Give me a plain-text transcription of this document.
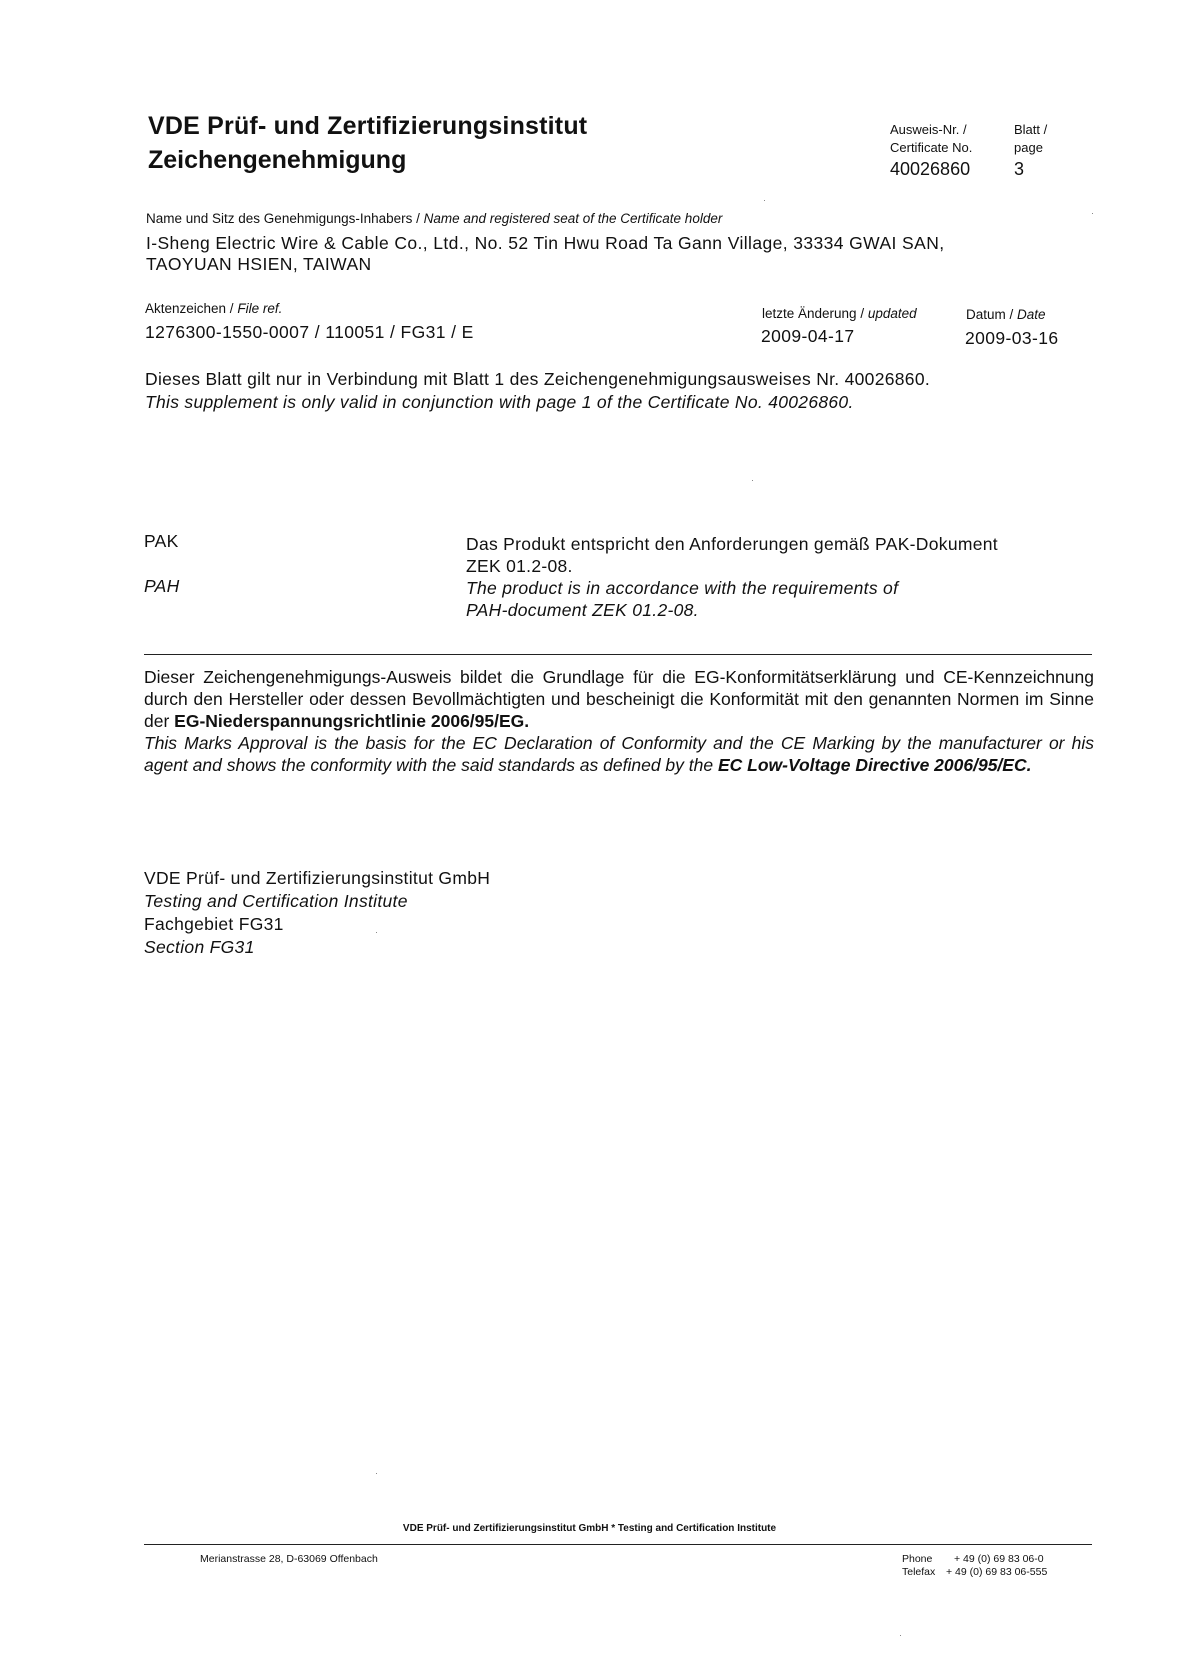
VDE Prüf- und Zertifizierungsinstitut
Zeichengenehmigung
Ausweis-Nr. /
Certificate No.
40026860
Blatt /
page
3
Name und Sitz des Genehmigungs-Inhabers / Name and registered seat of the Certificate holder
I-Sheng Electric Wire & Cable Co., Ltd., No. 52 Tin Hwu Road Ta Gann Village, 33334 GWAI SAN,
TAOYUAN HSIEN, TAIWAN
Aktenzeichen / File ref.
1276300-1550-0007 / 110051 / FG31 / E
letzte Änderung / updated
2009-04-17
Datum / Date
2009-03-16
Dieses Blatt gilt nur in Verbindung mit Blatt 1 des Zeichengenehmigungsausweises Nr. 40026860.
This supplement is only valid in conjunction with page 1 of the Certificate No. 40026860.
PAK
PAH
Das Produkt entspricht den Anforderungen gemäß PAK-Dokument
ZEK 01.2-08.
The product is in accordance with the requirements of
PAH-document ZEK 01.2-08.
Dieser Zeichengenehmigungs-Ausweis bildet die Grundlage für die EG-Konformitätserklärung und CE-Kennzeichnung durch den Hersteller oder dessen Bevollmächtigten und bescheinigt die Konformität mit den genannten Normen im Sinne der EG-Niederspannungsrichtlinie 2006/95/EG.
This Marks Approval is the basis for the EC Declaration of Conformity and the CE Marking by the manufacturer or his agent and shows the conformity with the said standards as defined by the EC Low-Voltage Directive 2006/95/EC.
VDE Prüf- und Zertifizierungsinstitut GmbH
Testing and Certification Institute
Fachgebiet FG31
Section FG31
VDE Prüf- und Zertifizierungsinstitut GmbH * Testing and Certification Institute
Merianstrasse 28, D-63069 Offenbach	Phone + 49 (0) 69 83 06-0
Telefax + 49 (0) 69 83 06-555
